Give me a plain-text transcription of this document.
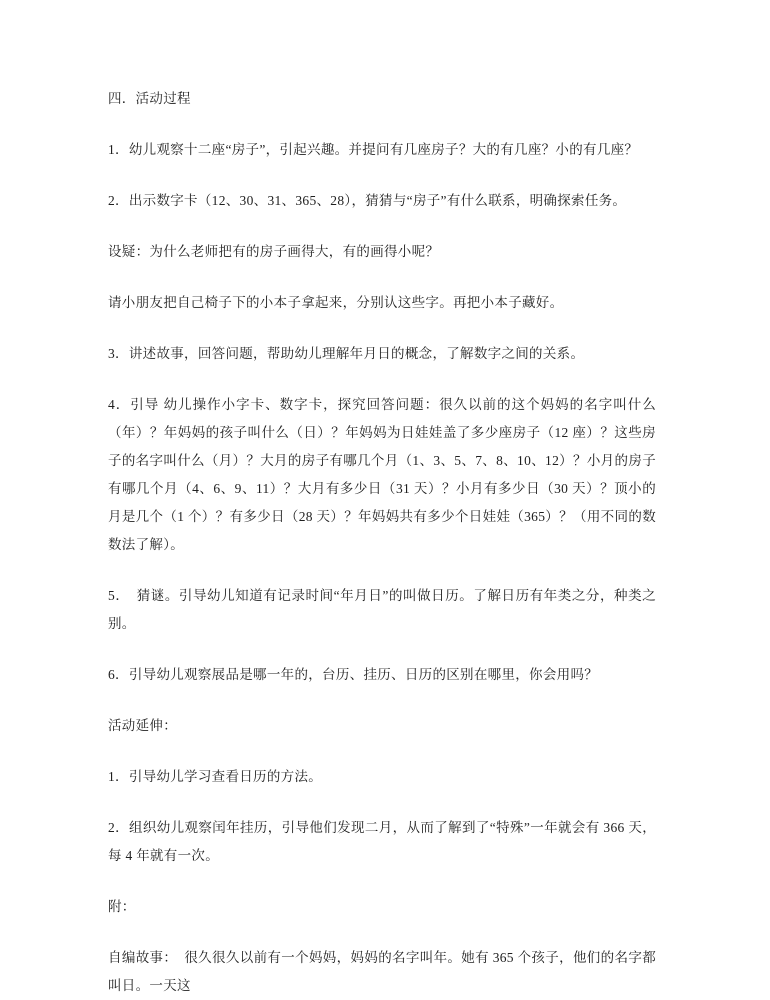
四．活动过程

1．幼儿观察十二座“房子”，引起兴趣。并提问有几座房子？大的有几座？小的有几座？

2．出示数字卡（12、30、31、365、28），猜猜与“房子”有什么联系，明确探索任务。

设疑：为什么老师把有的房子画得大，有的画得小呢？

请小朋友把自己椅子下的小本子拿起来，分别认这些字。再把小本子藏好。

3．讲述故事，回答问题，帮助幼儿理解年月日的概念，了解数字之间的关系。

4．引导 幼儿操作小字卡、数字卡，探究回答问题：很久以前的这个妈妈的名字叫什么（年）？年妈妈的孩子叫什么（日）？年妈妈为日娃娃盖了多少座房子（12 座）？这些房子的名字叫什么（月）？大月的房子有哪几个月（1、3、5、7、8、10、12）？小月的房子有哪几个月（4、6、9、11）？大月有多少日（31 天）？小月有多少日（30 天）？顶小的月是几个（1 个）？有多少日（28 天）？年妈妈共有多少个日娃娃（365）？（用不同的数数法了解）。

5．　猜谜。引导幼儿知道有记录时间“年月日”的叫做日历。了解日历有年类之分，种类之别。

6．引导幼儿观察展品是哪一年的，台历、挂历、日历的区别在哪里，你会用吗？

活动延伸：

1．引导幼儿学习查看日历的方法。

2．组织幼儿观察闰年挂历，引导他们发现二月，从而了解到了“特殊”一年就会有 366 天，每 4 年就有一次。

附：

自编故事：　很久很久以前有一个妈妈，妈妈的名字叫年。她有 365 个孩子，他们的名字都叫日。一天这
